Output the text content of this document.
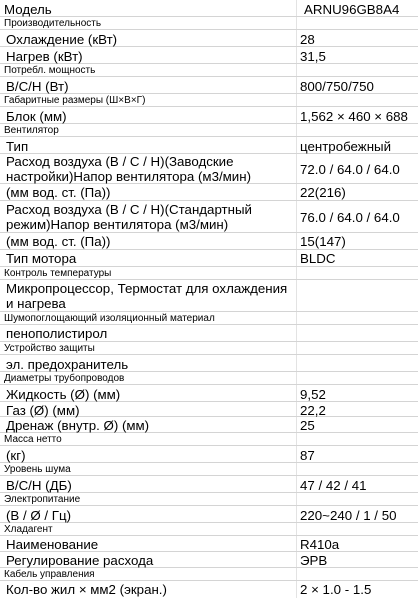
Модель	ARNU96GB8A4
Производительность
Охлаждение (кВт)	28
Нагрев (кВт)	31,5
Потребл. мощность
В/С/Н (Вт)	800/750/750
Габаритные размеры (Ш×В×Г)
Блок (мм)	1,562 × 460 × 688
Вентилятор
Тип	центробежный
Расход воздуха (В / С / Н)(Заводские настройки)Напор вентилятора (м3/мин)	72.0 / 64.0 / 64.0
(мм вод. ст. (Па))	22(216)
Расход воздуха (В / С / Н)(Стандартный режим)Напор вентилятора (м3/мин)	76.0 / 64.0 / 64.0
(мм вод. ст. (Па))	15(147)
Тип мотора	BLDC
Контроль температуры
Микропроцессор, Термостат для охлаждения и нагрева
Шумопоглощающий изоляционный материал
пенополистирол
Устройство защиты
эл. предохранитель
Диаметры трубопроводов
Жидкость (Ø) (мм)	9,52
Газ (Ø) (мм)	22,2
Дренаж (внутр. Ø) (мм)	25
Масса нетто
(кг)	87
Уровень шума
В/С/Н (ДБ)	47 / 42 / 41
Электропитание
(В / Ø / Гц)	220~240 / 1 / 50
Хладагент
Наименование	R410a
Регулирование расхода	ЭРВ
Кабель управления
Кол-во жил × мм2 (экран.)	2 × 1.0 - 1.5
